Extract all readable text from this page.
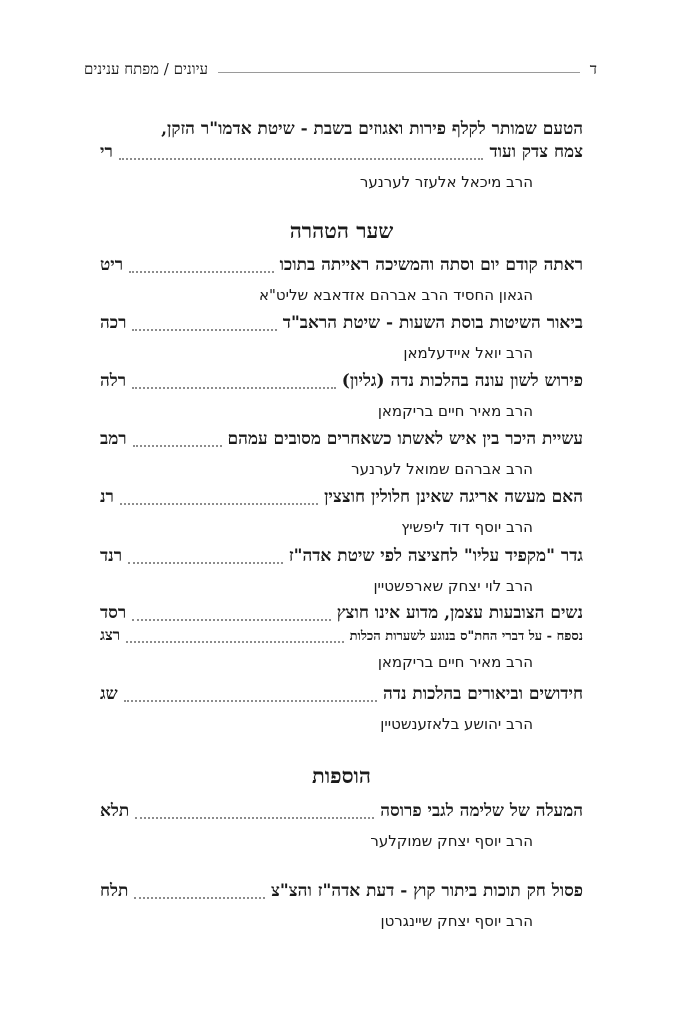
ד
עיונים / מפתח ענינים
הטעם שמותר לקלף פירות ואגוזים בשבת - שיטת אדמו"ר הזקן,
צמח צדק ועוד
רי
הרב מיכאל אלעזר לערנער
שער הטהרה
ראתה קודם יום וסתה והמשיכה ראייתה בתוכו
ריט
הגאון החסיד הרב אברהם אזדאבא שליט"א
ביאור השיטות בוסת השעות - שיטת הראב"ד
רכה
הרב יואל איידעלמאן
פירוש לשון עונה בהלכות נדה (גליון)
רלה
הרב מאיר חיים בריקמאן
עשיית היכר בין איש לאשתו כשאחרים מסובים עמהם
רמב
הרב אברהם שמואל לערנער
האם מעשה אריגה שאינן חלולין חוצצין
רנ
הרב יוסף דוד ליפשיץ
גדר "מקפיד עליו" לחציצה לפי שיטת אדה"ז
רנד
הרב לוי יצחק שארפשטיין
נשים הצובעות עצמן, מדוע אינו חוצץ
רסד
נספח - על דברי החת"ס בנוגע לשערות הכלות
רצג
הרב מאיר חיים בריקמאן
חידושים וביאורים בהלכות נדה
שג
הרב יהושע בלאזענשטיין
הוספות
המעלה של שלימה לגבי פרוסה
תלא
הרב יוסף יצחק שמוקלער
פסול חק תוכות ביתור קוץ - דעת אדה"ז והצ"צ
תלח
הרב יוסף יצחק שיינגרטן
